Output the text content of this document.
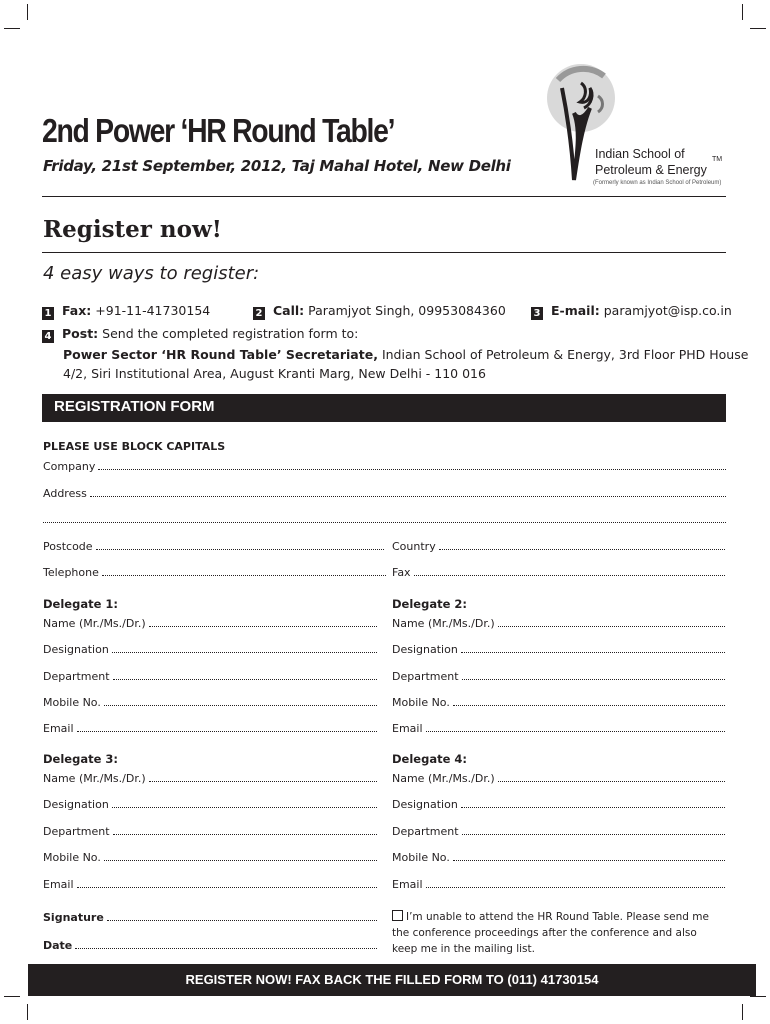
2nd Power ‘HR Round Table’

Friday, 21st September, 2012, Taj Mahal Hotel, New Delhi

Indian School of
Petroleum & Energy
TM
(Formerly known as Indian School of Petroleum)
Register now!

4 easy ways to register:

1 Fax: +91-11-41730154	2 Call: Paramjyot Singh, 09953084360	3 E-mail: paramjyot@isp.co.in
4 Post: Send the completed registration form to:
Power Sector ‘HR Round Table’ Secretariate, Indian School of Petroleum & Energy, 3rd Floor PHD House
4/2, Siri Institutional Area, August Kranti Marg, New Delhi - 110 016
REGISTRATION FORM
PLEASE USE BLOCK CAPITALS
Company
Address
Postcode	Country
Telephone	Fax
Delegate 1:
Name (Mr./Ms./Dr.)
Designation
Department
Mobile No.
Email
Delegate 2:
Name (Mr./Ms./Dr.)
Designation
Department
Mobile No.
Email
Delegate 3:
Name (Mr./Ms./Dr.)
Designation
Department
Mobile No.
Email
Delegate 4:
Name (Mr./Ms./Dr.)
Designation
Department
Mobile No.
Email
Signature
Date
I’m unable to attend the HR Round Table. Please send me the conference proceedings after the conference and also keep me in the mailing list.
REGISTER NOW! FAX BACK THE FILLED FORM TO (011) 41730154
